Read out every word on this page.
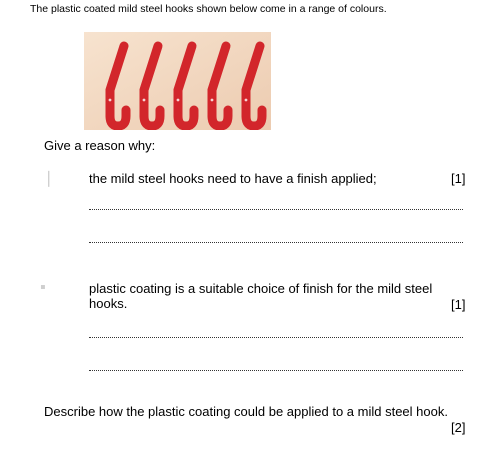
The plastic coated mild steel hooks shown below come in a range of colours.
Give a reason why:
❘	the mild steel hooks need to have a finish applied;	[1]
▪	plastic coating is a suitable choice of finish for the mild steel hooks.	[1]
Describe how the plastic coating could be applied to a mild steel hook.
[2]
